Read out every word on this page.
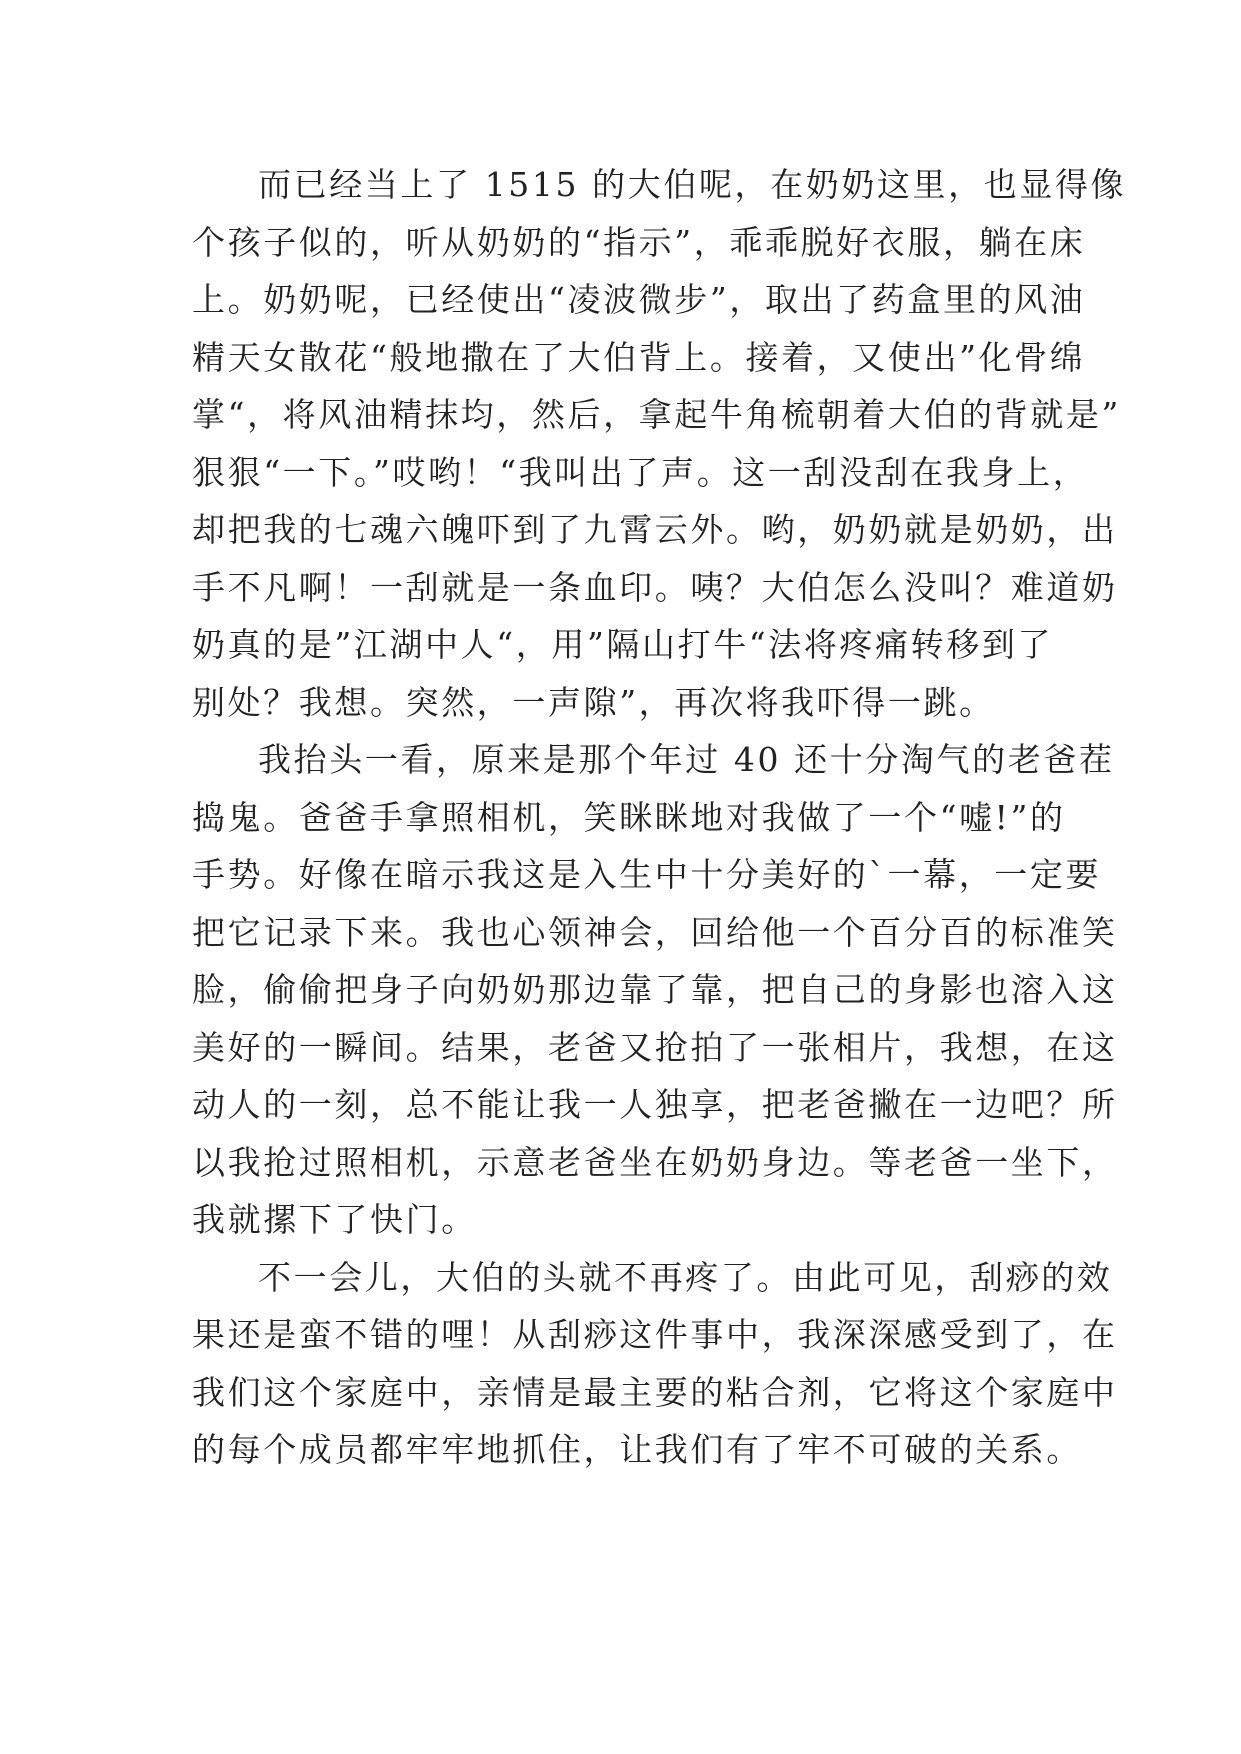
而已经当上了 1515 的大伯呢，在奶奶这里，也显得像
个孩子似的，听从奶奶的“指示”，乖乖脱好衣服，躺在床
上。奶奶呢，已经使出“凌波微步”，取出了药盒里的风油
精天女散花“般地撒在了大伯背上。接着，又使出”化骨绵
掌“，将风油精抹均，然后，拿起牛角梳朝着大伯的背就是”
狠狠“一下。”哎哟！“我叫出了声。这一刮没刮在我身上，
却把我的七魂六魄吓到了九霄云外。哟，奶奶就是奶奶，出
手不凡啊！一刮就是一条血印。咦？大伯怎么没叫？难道奶
奶真的是”江湖中人“，用”隔山打牛“法将疼痛转移到了
别处？我想。突然，一声隙”，再次将我吓得一跳。
我抬头一看，原来是那个年过 40 还十分淘气的老爸茬
捣鬼。爸爸手拿照相机，笑眯眯地对我做了一个“嘘!”的
手势。好像在暗示我这是入生中十分美好的`一幕，一定要
把它记录下来。我也心领神会，回给他一个百分百的标准笑
脸，偷偷把身子向奶奶那边靠了靠，把自己的身影也溶入这
美好的一瞬间。结果，老爸又抢拍了一张相片，我想，在这
动人的一刻，总不能让我一人独享，把老爸撇在一边吧？所
以我抢过照相机，示意老爸坐在奶奶身边。等老爸一坐下，
我就摞下了快门。
不一会儿，大伯的头就不再疼了。由此可见，刮痧的效
果还是蛮不错的哩！从刮痧这件事中，我深深感受到了，在
我们这个家庭中，亲情是最主要的粘合剂，它将这个家庭中
的每个成员都牢牢地抓住，让我们有了牢不可破的关系。
